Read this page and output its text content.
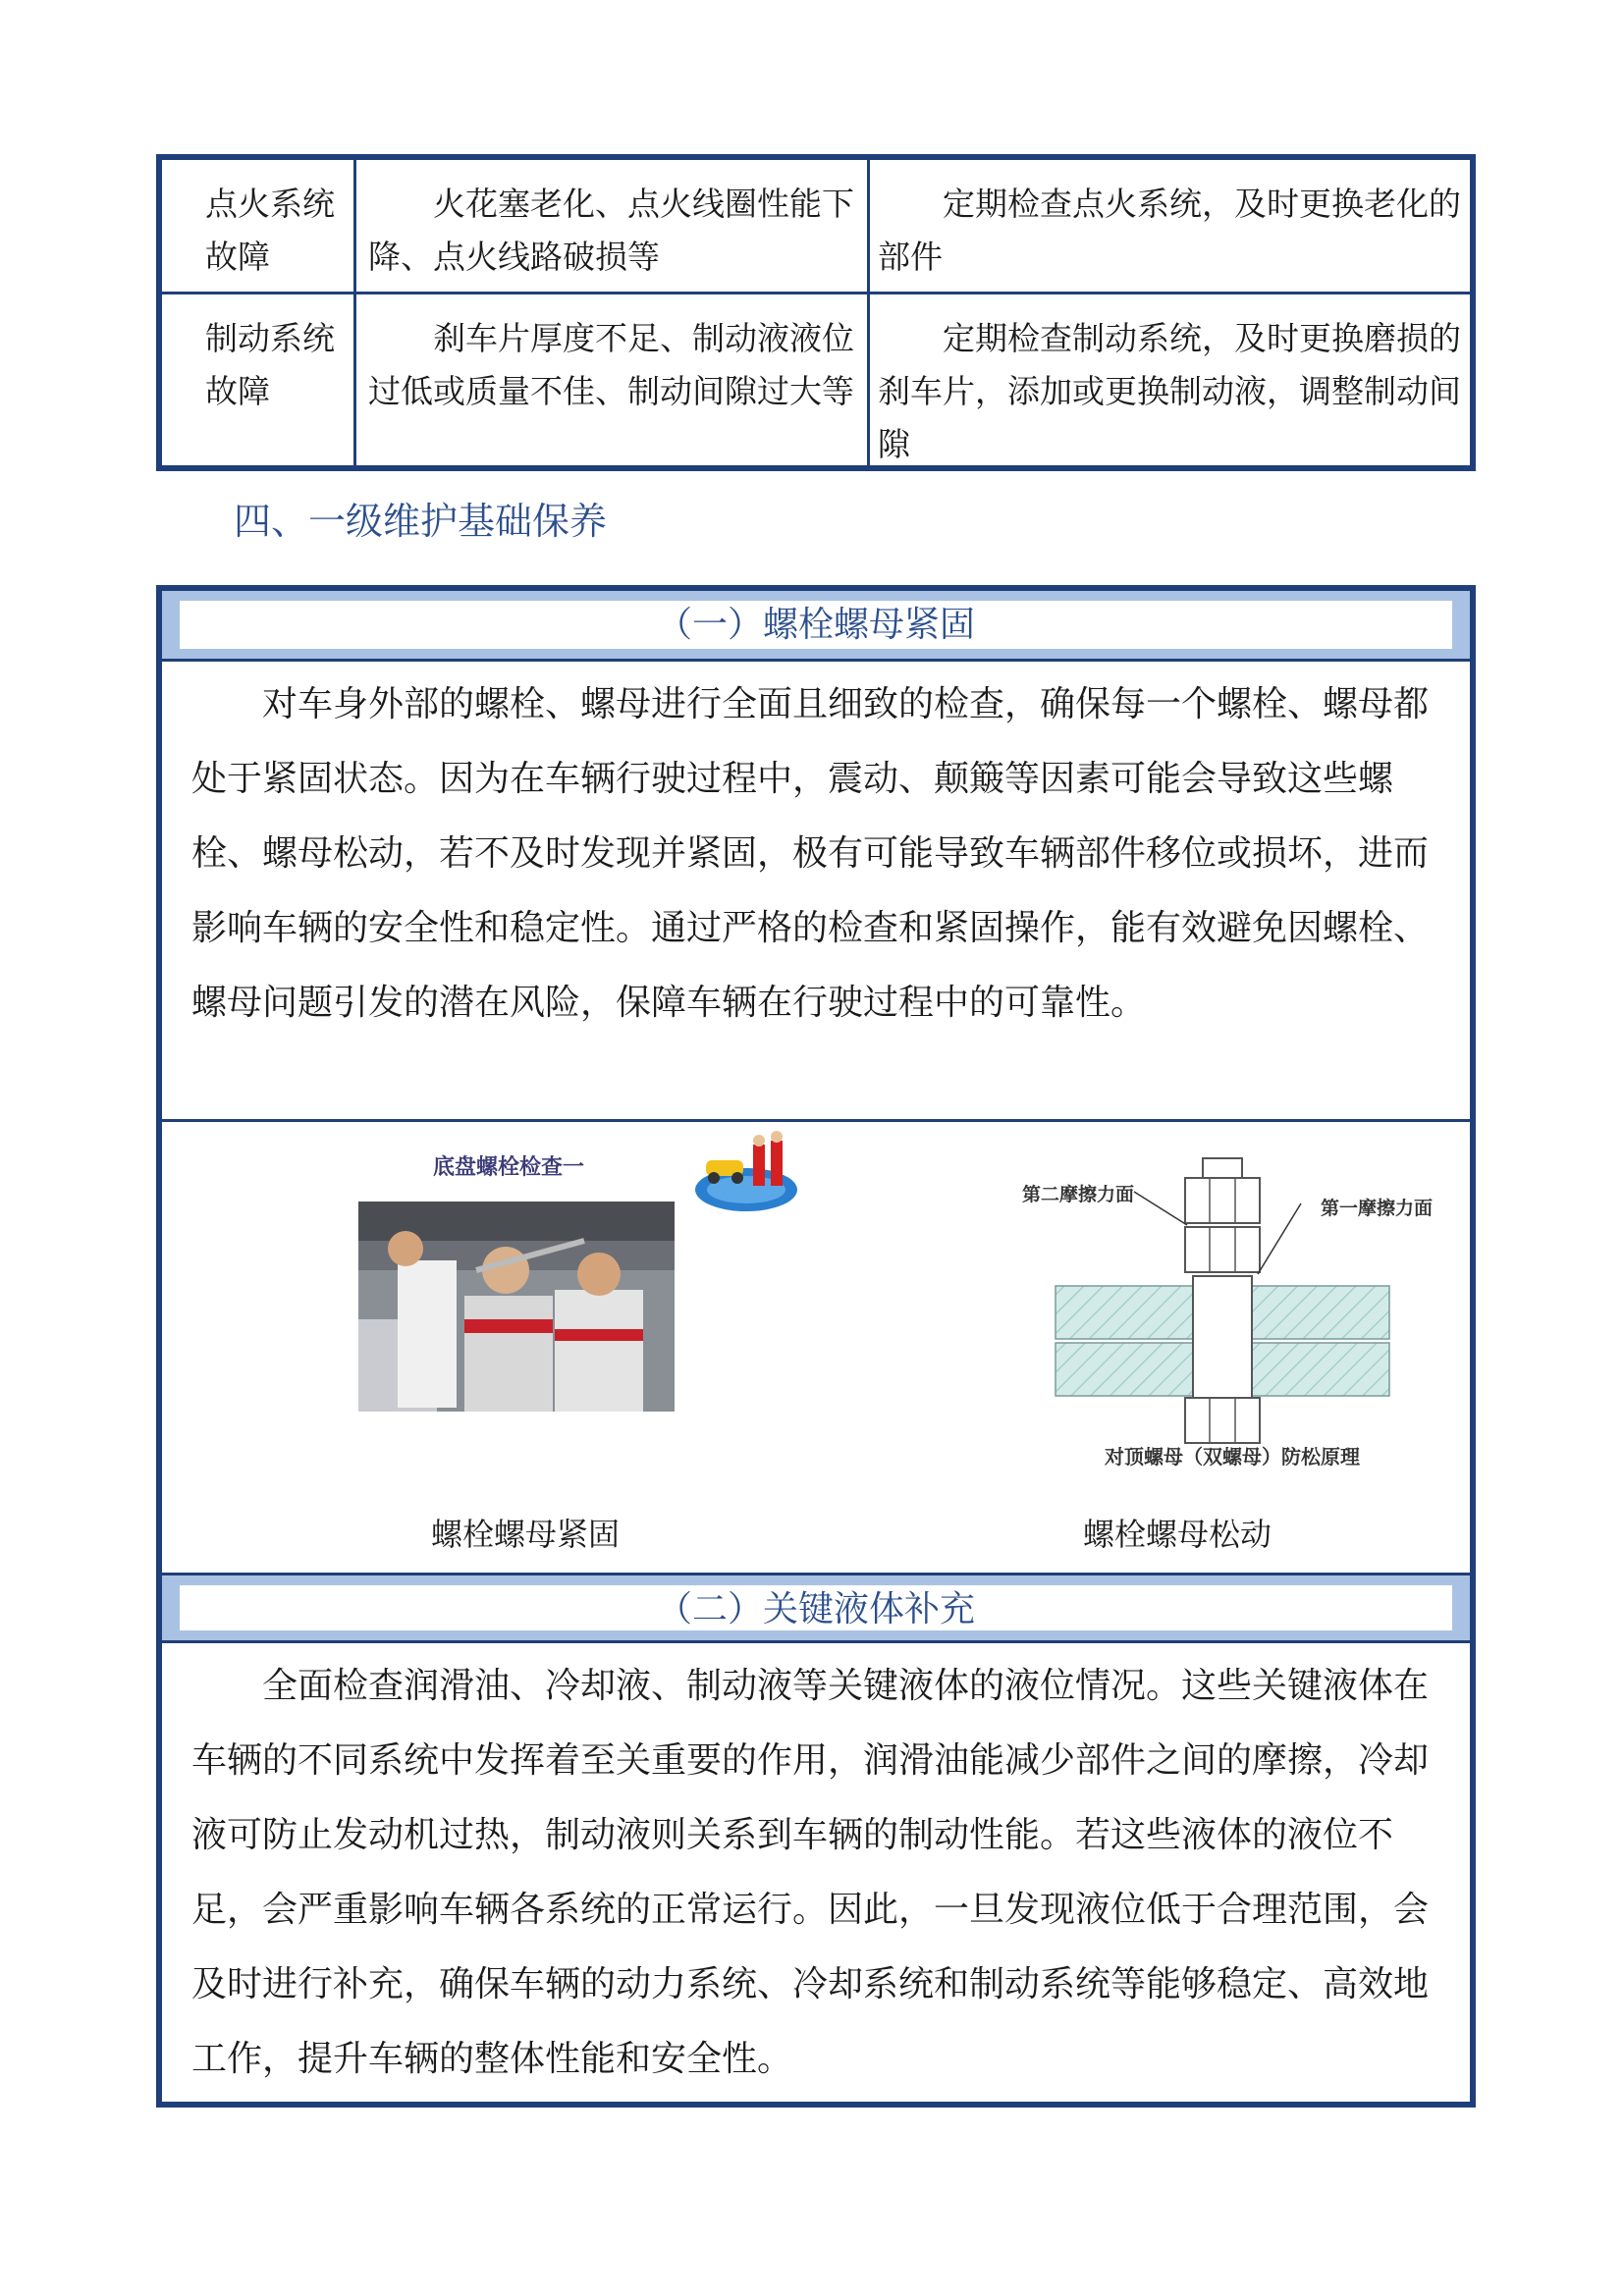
点火系统故障
火花塞老化、点火线圈性能下降、点火线路破损等
定期检查点火系统，及时更换老化的部件
制动系统故障
刹车片厚度不足、制动液液位过低或质量不佳、制动间隙过大等
定期检查制动系统，及时更换磨损的刹车片，添加或更换制动液，调整制动间隙
四、一级维护基础保养
（一）螺栓螺母紧固
对车身外部的螺栓、螺母进行全面且细致的检查，确保每一个螺栓、螺母都处于紧固状态。因为在车辆行驶过程中，震动、颠簸等因素可能会导致这些螺栓、螺母松动，若不及时发现并紧固，极有可能导致车辆部件移位或损坏，进而影响车辆的安全性和稳定性。通过严格的检查和紧固操作，能有效避免因螺栓、螺母问题引发的潜在风险，保障车辆在行驶过程中的可靠性。
底盘螺栓检查一
第二摩擦力面
第一摩擦力面
对顶螺母（双螺母）防松原理
螺栓螺母紧固	螺栓螺母松动
（二）关键液体补充
全面检查润滑油、冷却液、制动液等关键液体的液位情况。这些关键液体在车辆的不同系统中发挥着至关重要的作用，润滑油能减少部件之间的摩擦，冷却液可防止发动机过热，制动液则关系到车辆的制动性能。若这些液体的液位不足，会严重影响车辆各系统的正常运行。因此，一旦发现液位低于合理范围，会及时进行补充，确保车辆的动力系统、冷却系统和制动系统等能够稳定、高效地工作，提升车辆的整体性能和安全性。
